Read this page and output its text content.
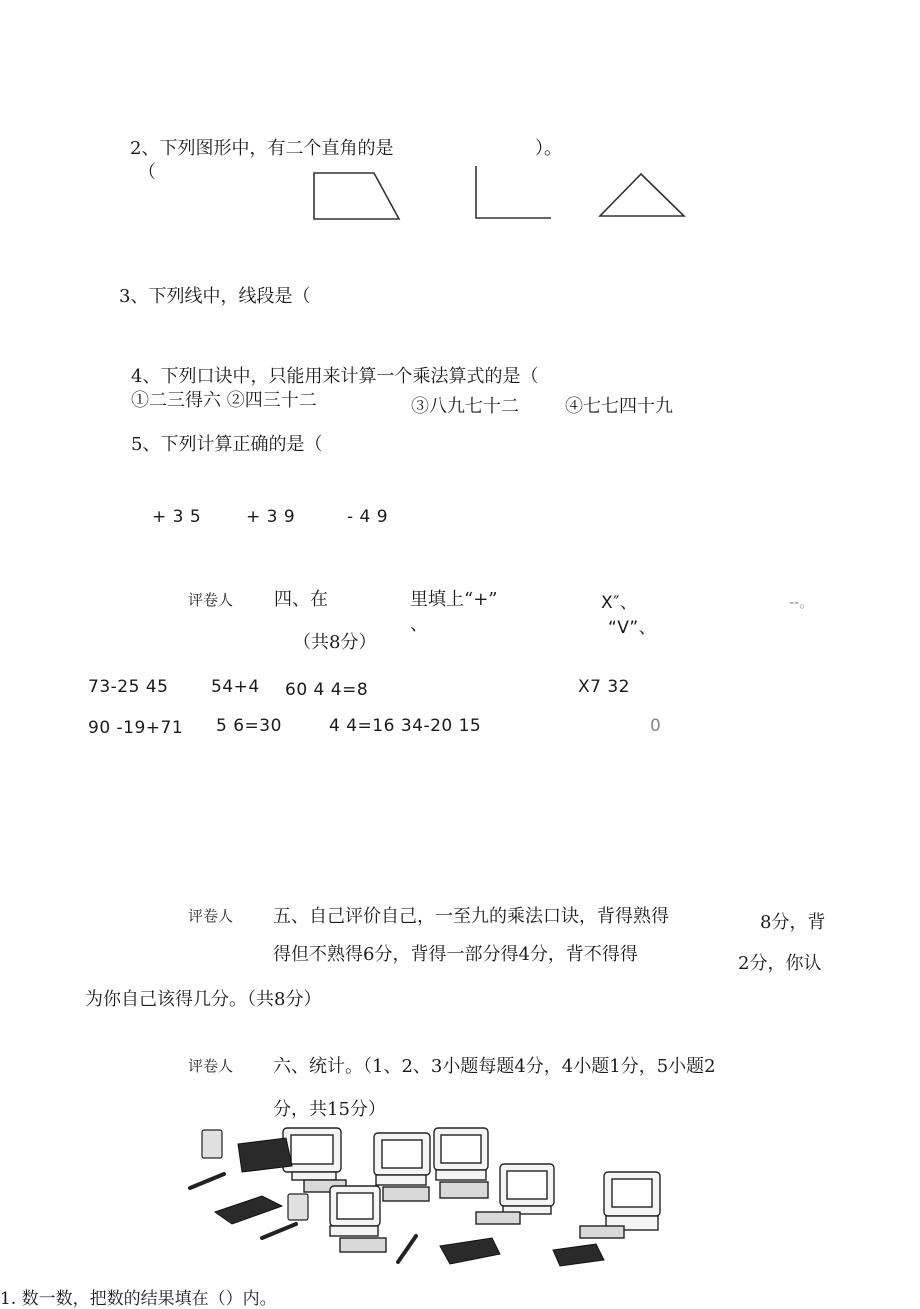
2、下列图形中，有二个直角的是	）。
（
3、下列线中，线段是（
4、下列口诀中，只能用来计算一个乘法算式的是（
①二三得六 ②四三十二	③八九七十二	④七七四十九
5、下列计算正确的是（
+ 3 5	+ 3 9	- 4 9
评卷人 四、在	里填上“+”
、
X″、
“V”、
--。
（共8分）
73-25 45	54+4 60 4 4=8	X7 32
90 -19+71 5 6=30	4 4=16 34-20 15	0
评卷人 五、自己评价自己，一至九的乘法口诀，背得熟得	8分，背
得但不熟得6分，背得一部分得4分，背不得得	2分，你认
为你自己该得几分。（共8分）
评卷人 六、统计。（1、2、3小题每题4分，4小题1分，5小题2
分，共15分）
1. 数一数，把数的结果填在（）内。
